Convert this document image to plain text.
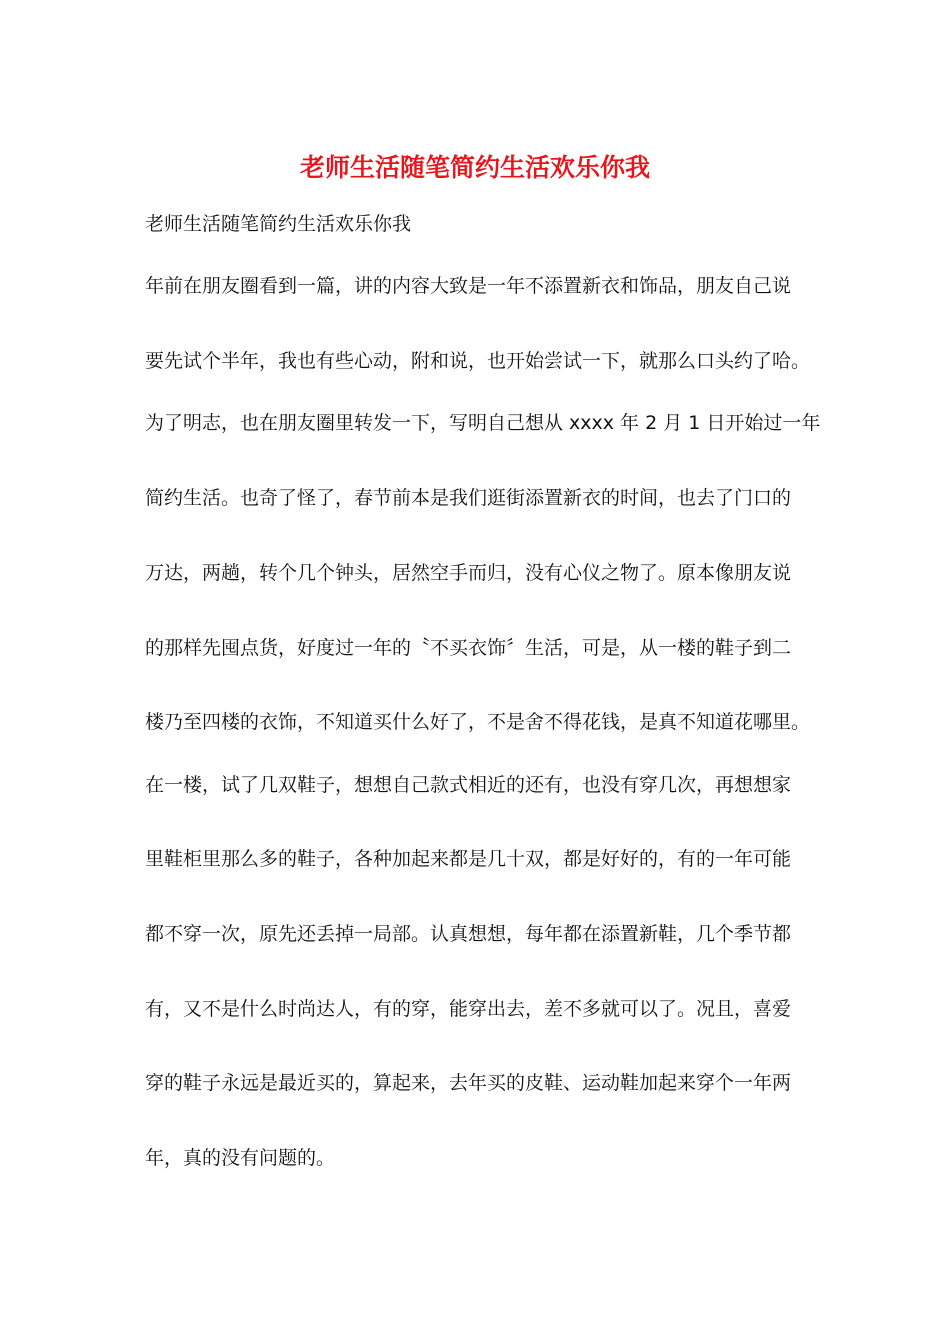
老师生活随笔简约生活欢乐你我

老师生活随笔简约生活欢乐你我

年前在朋友圈看到一篇，讲的内容大致是一年不添置新衣和饰品，朋友自己说

要先试个半年，我也有些心动，附和说，也开始尝试一下，就那么口头约了哈。

为了明志，也在朋友圈里转发一下，写明自己想从 xxxx 年 2 月 1 日开始过一年

简约生活。也奇了怪了，春节前本是我们逛街添置新衣的时间，也去了门口的

万达，两趟，转个几个钟头，居然空手而归，没有心仪之物了。原本像朋友说

的那样先囤点货，好度过一年的〝不买衣饰〞生活，可是，从一楼的鞋子到二

楼乃至四楼的衣饰，不知道买什么好了，不是舍不得花钱，是真不知道花哪里。

在一楼，试了几双鞋子，想想自己款式相近的还有，也没有穿几次，再想想家

里鞋柜里那么多的鞋子，各种加起来都是几十双，都是好好的，有的一年可能

都不穿一次，原先还丢掉一局部。认真想想，每年都在添置新鞋，几个季节都

有，又不是什么时尚达人，有的穿，能穿出去，差不多就可以了。况且，喜爱

穿的鞋子永远是最近买的，算起来，去年买的皮鞋、运动鞋加起来穿个一年两

年，真的没有问题的。
